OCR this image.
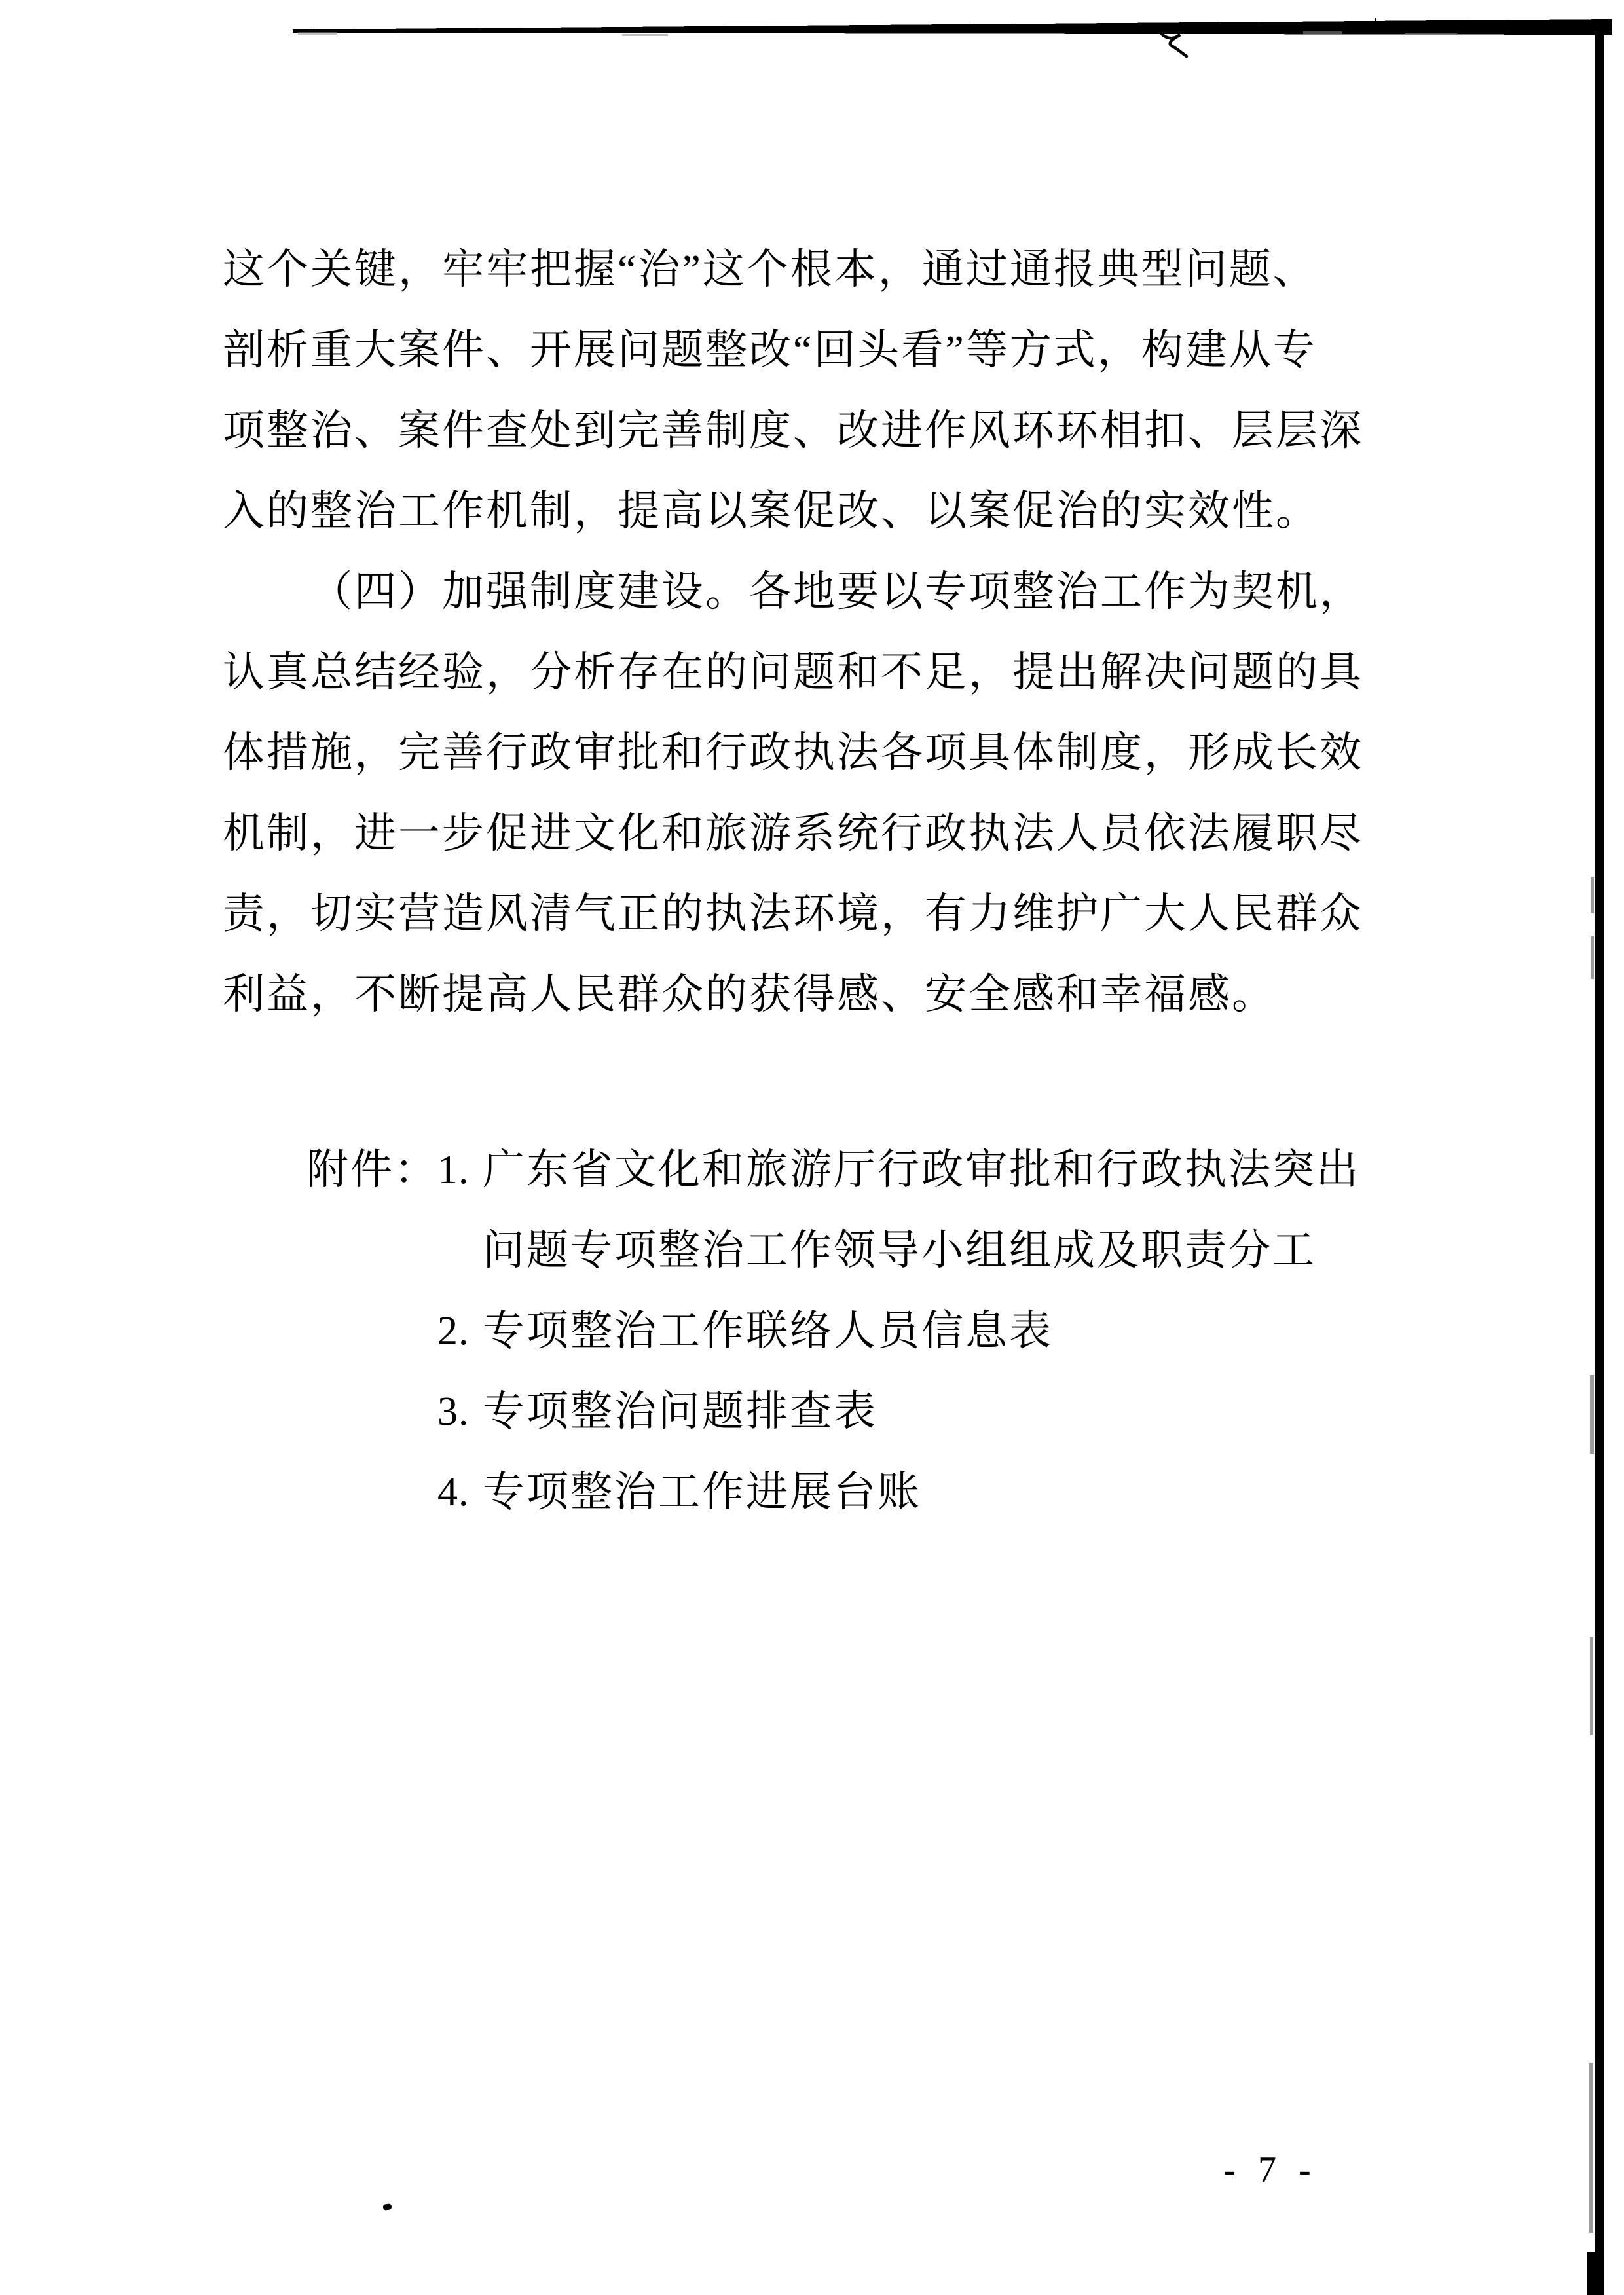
这个关键，牢牢把握“治”这个根本，通过通报典型问题、
剖析重大案件、开展问题整改“回头看”等方式，构建从专
项整治、案件查处到完善制度、改进作风环环相扣、层层深
入的整治工作机制，提高以案促改、以案促治的实效性。
（四）加强制度建设。各地要以专项整治工作为契机，
认真总结经验，分析存在的问题和不足，提出解决问题的具
体措施，完善行政审批和行政执法各项具体制度，形成长效
机制，进一步促进文化和旅游系统行政执法人员依法履职尽
责，切实营造风清气正的执法环境，有力维护广大人民群众
利益，不断提高人民群众的获得感、安全感和幸福感。
附件： 1. 广东省文化和旅游厅行政审批和行政执法突出
问题专项整治工作领导小组组成及职责分工
2. 专项整治工作联络人员信息表
3. 专项整治问题排查表
4. 专项整治工作进展台账
- 7 -
